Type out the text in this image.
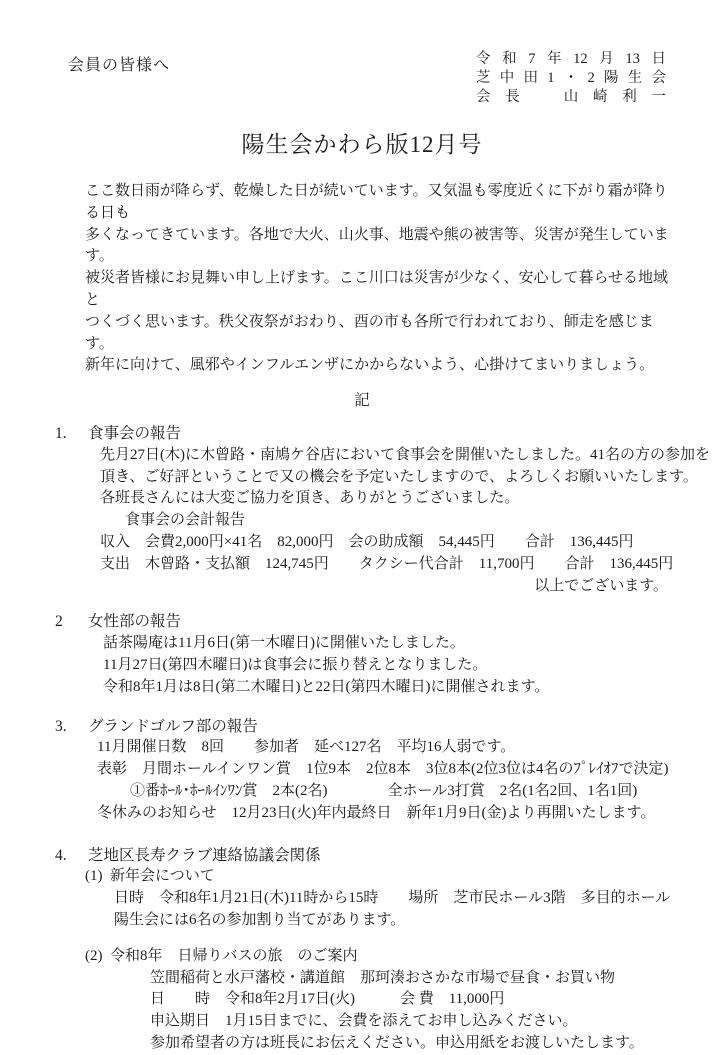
会員の皆様へ	令和7年12月13日
芝中田1・2陽生会
会長　山崎利一
陽生会かわら版12月号
ここ数日雨が降らず、乾燥した日が続いています。又気温も零度近くに下がり霜が降りる日も
多くなってきています。各地で大火、山火事、地震や熊の被害等、災害が発生しています。
被災者皆様にお見舞い申し上げます。ここ川口は災害が少なく、安心して暮らせる地域と
つくづく思います。秩父夜祭がおわり、酉の市も各所で行われており、師走を感じます。
新年に向けて、風邪やインフルエンザにかからないよう、心掛けてまいりましょう。
記
1. 食事会の報告
先月27日(木)に木曾路・南鳩ケ谷店において食事会を開催いたしました。41名の方の参加を
頂き、ご好評ということで又の機会を予定いたしますので、よろしくお願いいたします。
各班長さんには大変ご協力を頂き、ありがとうございました。
食事会の会計報告
収入　会費2,000円×41名　82,000円　会の助成額　54,445円　　合計　136,445円
支出　木曾路・支払額　124,745円　　タクシー代合計　11,700円　　合計　136,445円
以上でございます。
2 女性部の報告
話茶陽庵は11月6日(第一木曜日)に開催いたしました。
11月27日(第四木曜日)は食事会に振り替えとなりました。
令和8年1月は8日(第二木曜日)と22日(第四木曜日)に開催されます。
3. グランドゴルフ部の報告
11月開催日数　8回　　参加者　延べ127名　平均16人弱です。
表彰　月間ホールインワン賞　1位9本　2位8本　3位8本(2位3位は4名のﾌﾟﾚｲｵﾌで決定)
①番ﾎｰﾙ･ﾎｰﾙｲﾝﾜﾝ賞　2本(2名)　　　　全ホール3打賞　2名(1名2回、1名1回)
冬休みのお知らせ　12月23日(火)年内最終日　新年1月9日(金)より再開いたします。
4. 芝地区長寿クラブ連絡協議会関係
(1) 新年会について
日時　令和8年1月21日(木)11時から15時　　場所　芝市民ホール3階　多目的ホール
陽生会には6名の参加割り当てがあります。
(2) 令和8年　日帰りバスの旅　のご案内
笠間稲荷と水戸藩校・講道館　那珂湊おさかな市場で昼食・お買い物
日　　時　令和8年2月17日(火)　　　会 費　11,000円
申込期日　1月15日までに、会費を添えてお申し込みください。
参加希望者の方は班長にお伝えください。申込用紙をお渡しいたします。
